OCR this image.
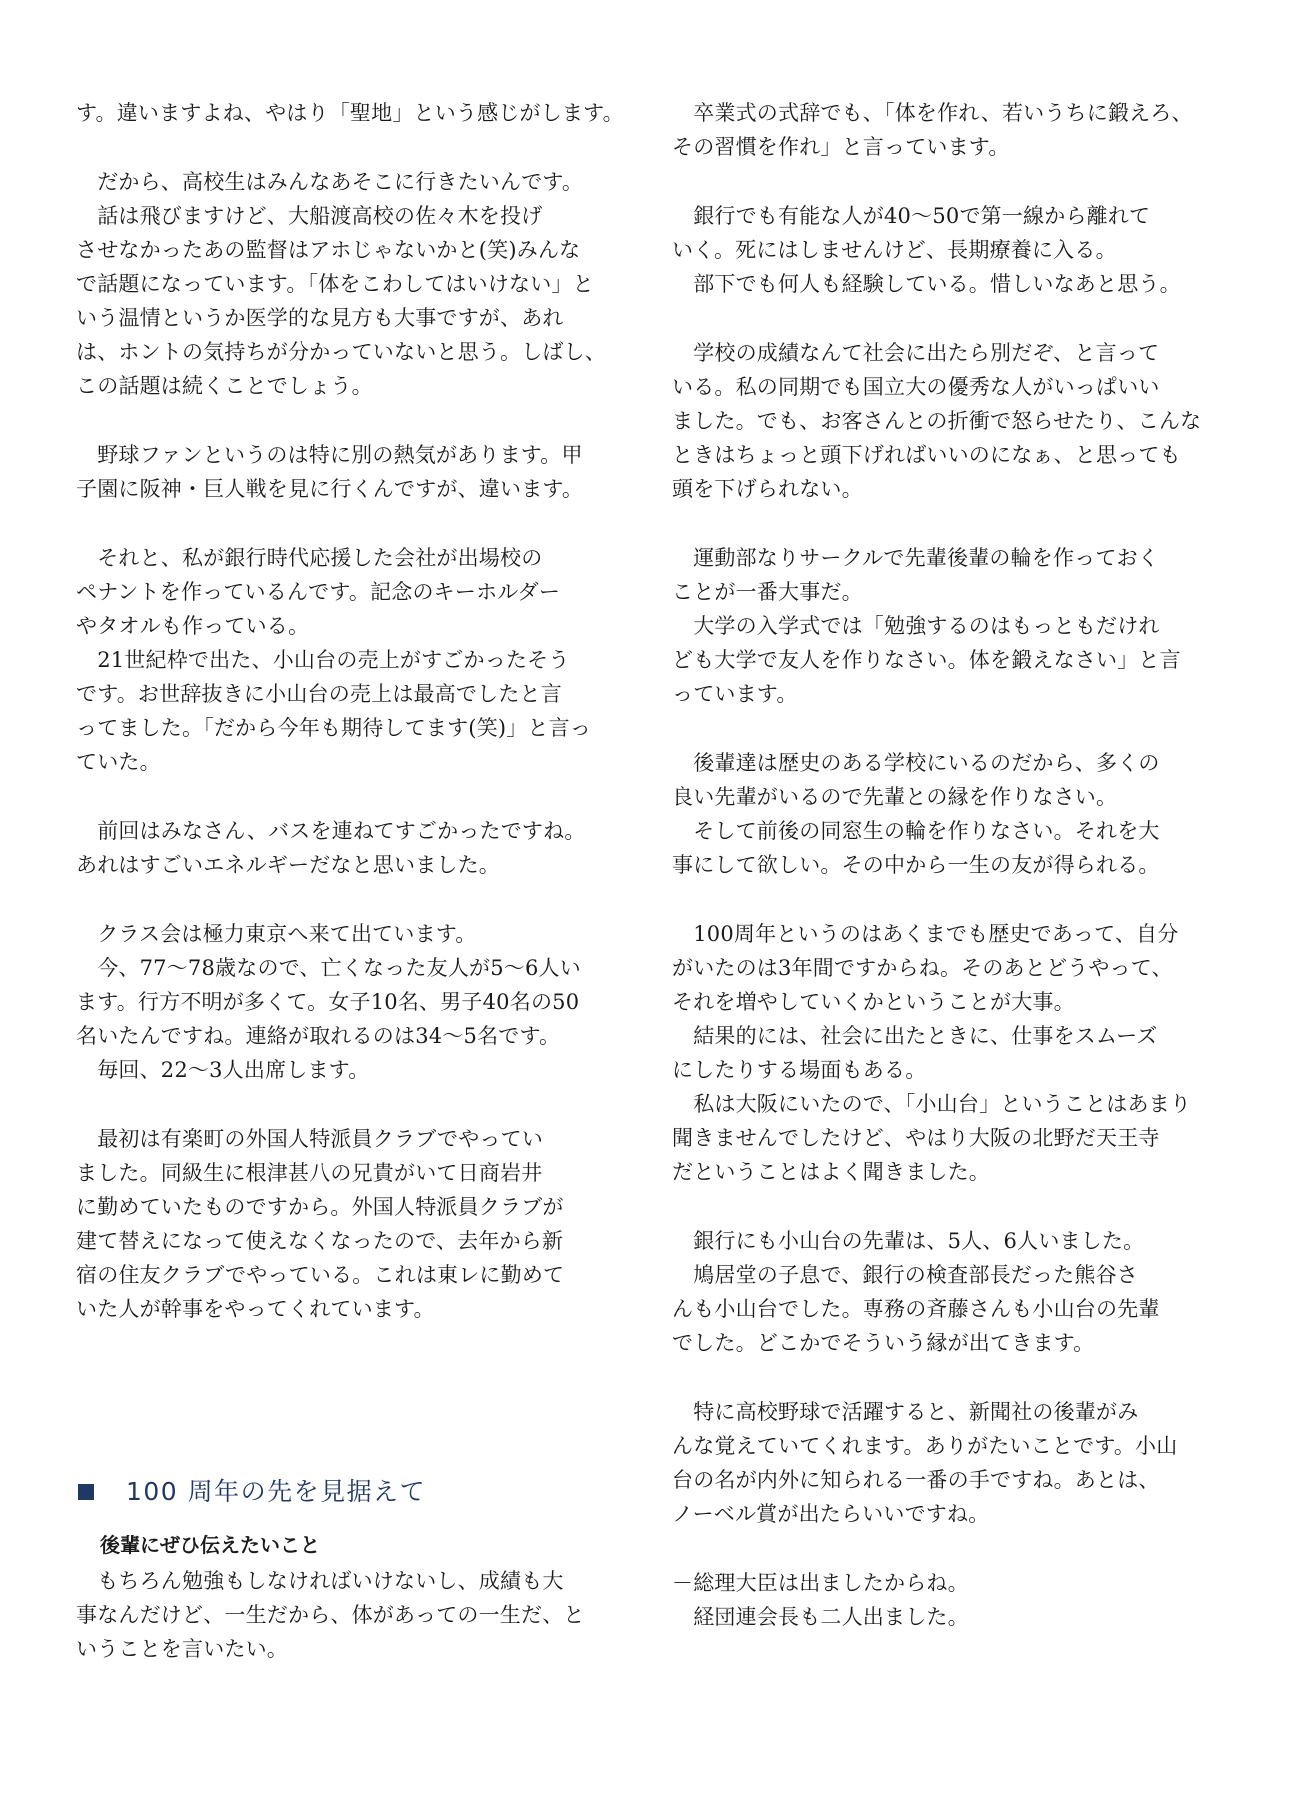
す。違いますよね、やはり「聖地」という感じがします。
　だから、高校生はみんなあそこに行きたいんです。
　話は飛びますけど、大船渡高校の佐々木を投げ
させなかったあの監督はアホじゃないかと(笑)みんな
で話題になっています。「体をこわしてはいけない」と
いう温情というか医学的な見方も大事ですが、あれ
は、ホントの気持ちが分かっていないと思う。しばし、
この話題は続くことでしょう。
　野球ファンというのは特に別の熱気があります。甲
子園に阪神・巨人戦を見に行くんですが、違います。
　それと、私が銀行時代応援した会社が出場校の
ペナントを作っているんです。記念のキーホルダー
やタオルも作っている。
　21世紀枠で出た、小山台の売上がすごかったそう
です。お世辞抜きに小山台の売上は最高でしたと言
ってました。「だから今年も期待してます(笑)」と言っ
ていた。
　前回はみなさん、バスを連ねてすごかったですね。
あれはすごいエネルギーだなと思いました。
　クラス会は極力東京へ来て出ています。
　今、77～78歳なので、亡くなった友人が5～6人い
ます。行方不明が多くて。女子10名、男子40名の50
名いたんですね。連絡が取れるのは34～5名です。
　毎回、22～3人出席します。
　最初は有楽町の外国人特派員クラブでやってい
ました。同級生に根津甚八の兄貴がいて日商岩井
に勤めていたものですから。外国人特派員クラブが
建て替えになって使えなくなったので、去年から新
宿の住友クラブでやっている。これは東レに勤めて
いた人が幹事をやってくれています。
100 周年の先を見据えて
後輩にぜひ伝えたいこと
　もちろん勉強もしなければいけないし、成績も大
事なんだけど、一生だから、体があっての一生だ、と
いうことを言いたい。
　卒業式の式辞でも、「体を作れ、若いうちに鍛えろ、
その習慣を作れ」と言っています。
　銀行でも有能な人が40～50で第一線から離れて
いく。死にはしませんけど、長期療養に入る。
　部下でも何人も経験している。惜しいなあと思う。
　学校の成績なんて社会に出たら別だぞ、と言って
いる。私の同期でも国立大の優秀な人がいっぱいい
ました。でも、お客さんとの折衝で怒らせたり、こんな
ときはちょっと頭下げればいいのになぁ、と思っても
頭を下げられない。
　運動部なりサークルで先輩後輩の輪を作っておく
ことが一番大事だ。
　大学の入学式では「勉強するのはもっともだけれ
ども大学で友人を作りなさい。体を鍛えなさい」と言
っています。
　後輩達は歴史のある学校にいるのだから、多くの
良い先輩がいるので先輩との縁を作りなさい。
　そして前後の同窓生の輪を作りなさい。それを大
事にして欲しい。その中から一生の友が得られる。
　100周年というのはあくまでも歴史であって、自分
がいたのは3年間ですからね。そのあとどうやって、
それを増やしていくかということが大事。
　結果的には、社会に出たときに、仕事をスムーズ
にしたりする場面もある。
　私は大阪にいたので、「小山台」ということはあまり
聞きませんでしたけど、やはり大阪の北野だ天王寺
だということはよく聞きました。
　銀行にも小山台の先輩は、5人、6人いました。
　鳩居堂の子息で、銀行の検査部長だった熊谷さ
んも小山台でした。専務の斉藤さんも小山台の先輩
でした。どこかでそういう縁が出てきます。
　特に高校野球で活躍すると、新聞社の後輩がみ
んな覚えていてくれます。ありがたいことです。小山
台の名が内外に知られる一番の手ですね。あとは、
ノーベル賞が出たらいいですね。
－総理大臣は出ましたからね。
　経団連会長も二人出ました。
